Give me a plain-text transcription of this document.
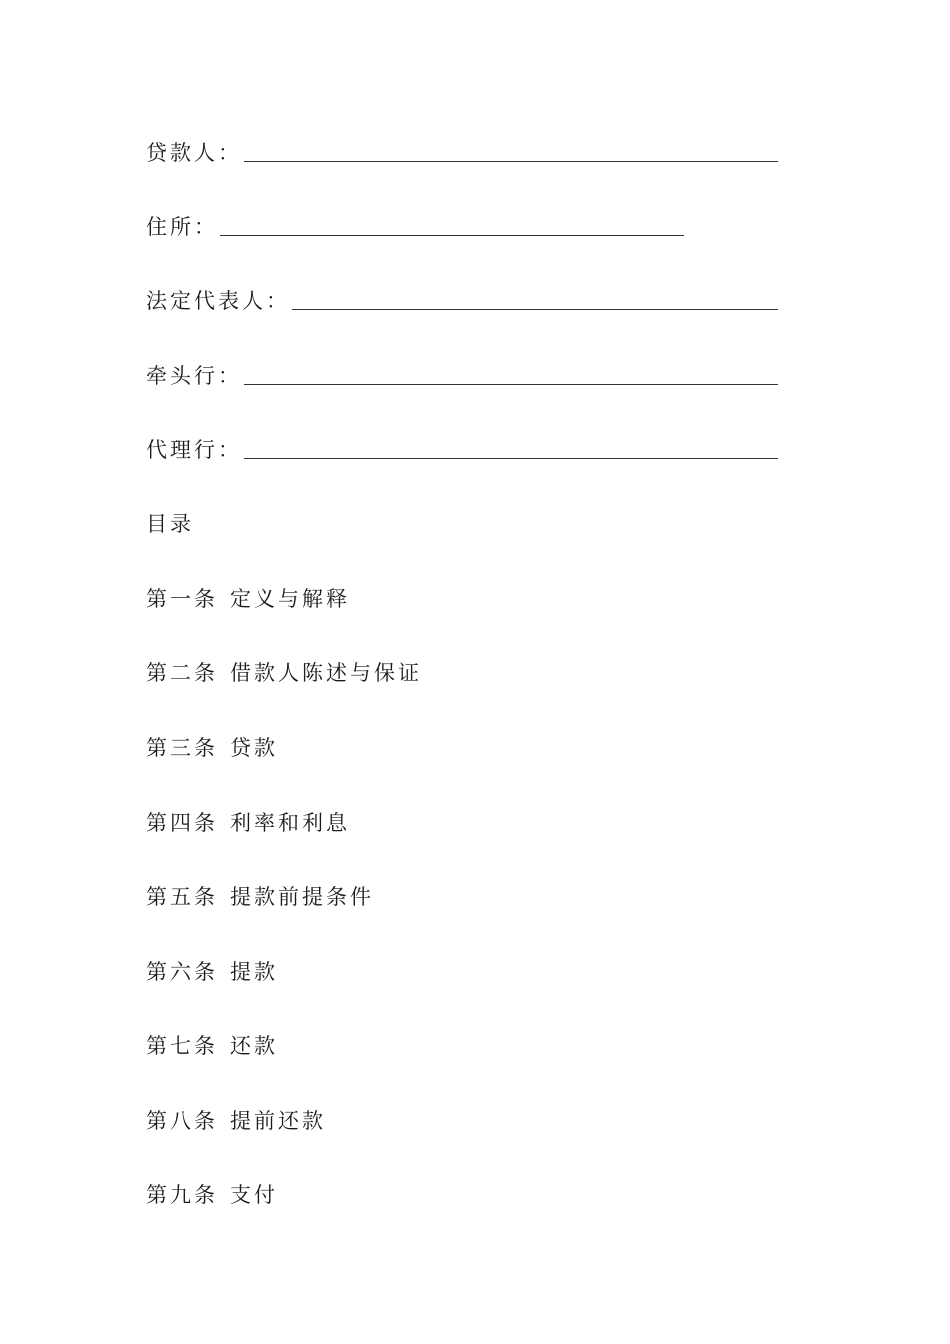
贷款人：
住所：
法定代表人：
牵头行：
代理行：
目录
第一条 定义与解释
第二条 借款人陈述与保证
第三条 贷款
第四条 利率和利息
第五条 提款前提条件
第六条 提款
第七条 还款
第八条 提前还款
第九条 支付
